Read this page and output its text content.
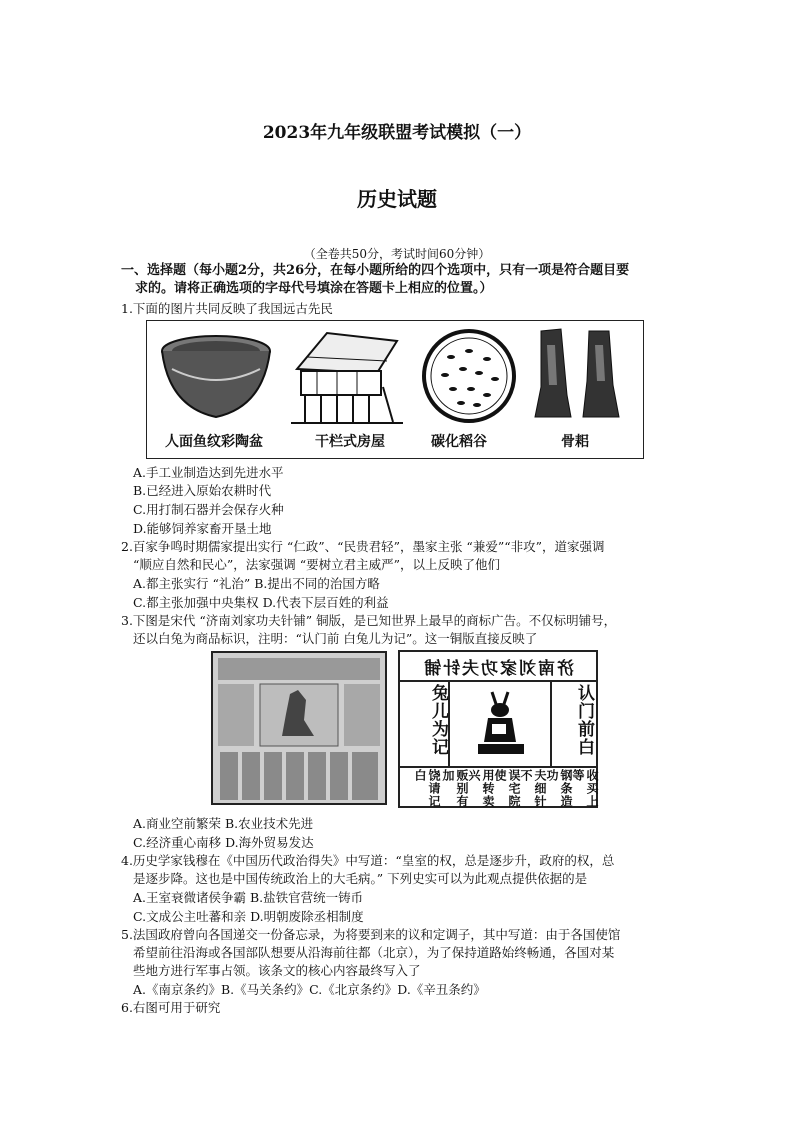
2023年九年级联盟考试模拟（一）
历史试题
（全卷共50分，考试时间60分钟）
一、选择题（每小题2分，共26分，在每小题所给的四个选项中，只有一项是符合题目要
求的。请将正确选项的字母代号填涂在答题卡上相应的位置。）
1.下面的图片共同反映了我国远古先民
人面鱼纹彩陶盆	干栏式房屋	碳化稻谷	骨耜
A.手工业制造达到先进水平
B.已经进入原始农耕时代
C.用打制石器并会保存火种
D.能够饲养家畜开垦土地
2.百家争鸣时期儒家提出实行 “仁政”、“民贵君轻”，墨家主张 “兼爱”“非攻”，道家强调
“顺应自然和民心”，法家强调 “要树立君主威严”，以上反映了他们
A.都主张实行 “礼治” B.提出不同的治国方略
C.都主张加强中央集权 D.代表下层百姓的利益
3.下图是宋代 “济南刘家功夫针铺” 铜版，是已知世界上最早的商标广告。不仅标明铺号，
还以白兔为商品标识，注明：“认门前 白兔儿为记”。这一铜版直接反映了
济南刘家功夫针铺
兔儿为记	认门前白
收买上等
钢条造功
夫细针不
误宅院使
用转卖兴
贩别有加
饶请记白
A.商业空前繁荣 B.农业技术先进
C.经济重心南移 D.海外贸易发达
4.历史学家钱穆在《中国历代政治得失》中写道：“皇室的权，总是逐步升，政府的权，总
是逐步降。这也是中国传统政治上的大毛病。” 下列史实可以为此观点提供依据的是
A.王室衰微诸侯争霸 B.盐铁官营统一铸币
C.文成公主吐蕃和亲 D.明朝废除丞相制度
5.法国政府曾向各国递交一份备忘录，为将要到来的议和定调子，其中写道：由于各国使馆
希望前往沿海或各国部队想要从沿海前往都（北京），为了保持道路始终畅通，各国对某
些地方进行军事占领。该条文的核心内容最终写入了
A.《南京条约》B.《马关条约》C.《北京条约》D.《辛丑条约》
6.右图可用于研究
